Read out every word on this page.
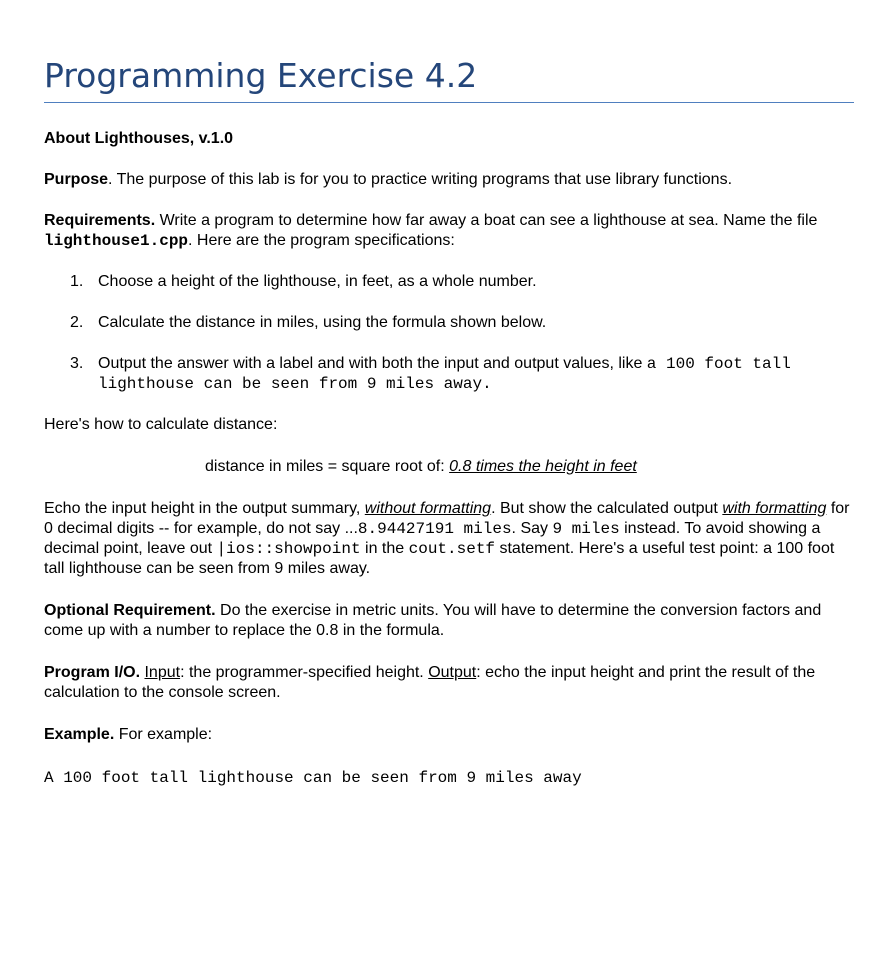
Programming Exercise 4.2

About Lighthouses, v.1.0

Purpose. The purpose of this lab is for you to practice writing programs that use library functions.

Requirements. Write a program to determine how far away a boat can see a lighthouse at sea. Name the file lighthouse1.cpp. Here are the program specifications:

1. Choose a height of the lighthouse, in feet, as a whole number.
2. Calculate the distance in miles, using the formula shown below.
3. Output the answer with a label and with both the input and output values, like a 100 foot tall lighthouse can be seen from 9 miles away.

Here's how to calculate distance:

distance in miles = square root of: 0.8 times the height in feet

Echo the input height in the output summary, without formatting. But show the calculated output with formatting for 0 decimal digits -- for example, do not say ...8.94427191 miles. Say 9 miles instead. To avoid showing a decimal point, leave out |ios::showpoint in the cout.setf statement. Here's a useful test point: a 100 foot tall lighthouse can be seen from 9 miles away.

Optional Requirement. Do the exercise in metric units. You will have to determine the conversion factors and come up with a number to replace the 0.8 in the formula.

Program I/O. Input: the programmer-specified height. Output: echo the input height and print the result of the calculation to the console screen.

Example. For example:

A 100 foot tall lighthouse can be seen from 9 miles away
